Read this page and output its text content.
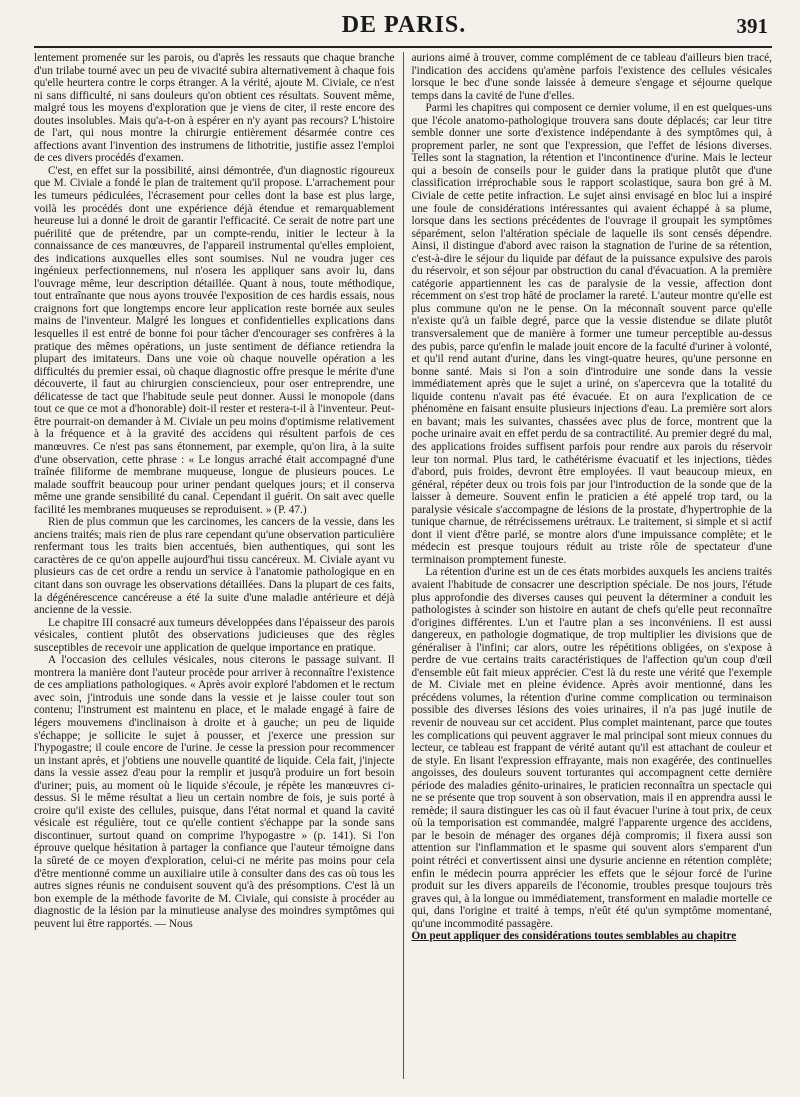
DE PARIS.	391

lentement promenée sur les parois, ou d'après les ressauts que chaque branche d'un trilabe tourné avec un peu de vivacité subira alternativement à chaque fois qu'elle heurtera contre le corps étranger. A la vérité, ajoute M. Civiale, ce n'est ni sans difficulté, ni sans douleurs qu'on obtient ces résultats. Souvent même, malgré tous les moyens d'exploration que je viens de citer, il reste encore des doutes insolubles. Mais qu'a-t-on à espérer en n'y ayant pas recours? L'histoire de l'art, qui nous montre la chirurgie entièrement désarmée contre ces affections avant l'invention des instrumens de lithotritie, justifie assez l'emploi de ces divers procédés d'examen.

C'est, en effet sur la possibilité, ainsi démontrée, d'un diagnostic rigoureux que M. Civiale a fondé le plan de traitement qu'il propose. L'arrachement pour les tumeurs pédiculées, l'écrasement pour celles dont la base est plus large, voilà les procédés dont une expérience déjà étendue et remarquablement heureuse lui a donné le droit de garantir l'efficacité. Ce serait de notre part une puérilité que de prétendre, par un compte-rendu, initier le lecteur à la connaissance de ces manœuvres, de l'appareil instrumental qu'elles emploient, des indications auxquelles elles sont soumises. Nul ne voudra juger ces ingénieux perfectionnemens, nul n'osera les appliquer sans avoir lu, dans l'ouvrage même, leur description détaillée. Quant à nous, toute méthodique, tout entraînante que nous ayons trouvée l'exposition de ces hardis essais, nous craignons fort que longtemps encore leur application reste bornée aux seules mains de l'inventeur. Malgré les longues et confidentielles explications dans lesquelles il est entré de bonne foi pour tâcher d'encourager ses confrères à la pratique des mêmes opérations, un juste sentiment de défiance retiendra la plupart des imitateurs. Dans une voie où chaque nouvelle opération a les difficultés du premier essai, où chaque diagnostic offre presque le mérite d'une découverte, il faut au chirurgien consciencieux, pour oser entreprendre, une délicatesse de tact que l'habitude seule peut donner. Aussi le monopole (dans tout ce que ce mot a d'honorable) doit-il rester et restera-t-il à l'inventeur. Peut-être pourrait-on demander à M. Civiale un peu moins d'optimisme relativement à la fréquence et à la gravité des accidens qui résultent parfois de ces manœuvres. Ce n'est pas sans étonnement, par exemple, qu'on lira, à la suite d'une observation, cette phrase : « Le longus arraché était accompagné d'une traînée filiforme de membrane muqueuse, longue de plusieurs pouces. Le malade souffrit beaucoup pour uriner pendant quelques jours; et il conserva même une grande sensibilité du canal. Cependant il guérit. On sait avec quelle facilité les membranes muqueuses se reproduisent. » (P. 47.)

Rien de plus commun que les carcinomes, les cancers de la vessie, dans les anciens traités; mais rien de plus rare cependant qu'une observation particulière renfermant tous les traits bien accentués, bien authentiques, qui sont les caractères de ce qu'on appelle aujourd'hui tissu cancéreux. M. Civiale ayant vu plusieurs cas de cet ordre a rendu un service à l'anatomie pathologique en en citant dans son ouvrage les observations détaillées. Dans la plupart de ces faits, la dégénérescence cancéreuse a été la suite d'une maladie antérieure et déjà ancienne de la vessie.

Le chapitre III consacré aux tumeurs développées dans l'épaisseur des parois vésicales, contient plutôt des observations judicieuses que des règles susceptibles de recevoir une application de quelque importance en pratique.

A l'occasion des cellules vésicales, nous citerons le passage suivant. Il montrera la manière dont l'auteur procède pour arriver à reconnaître l'existence de ces ampliations pathologiques. « Après avoir exploré l'abdomen et le rectum avec soin, j'introduis une sonde dans la vessie et je laisse couler tout son contenu; l'instrument est maintenu en place, et le malade engagé à faire de légers mouvemens d'inclinaison à droite et à gauche; un peu de liquide s'échappe; je sollicite le sujet à pousser, et j'exerce une pression sur l'hypogastre; il coule encore de l'urine. Je cesse la pression pour recommencer un instant après, et j'obtiens une nouvelle quantité de liquide. Cela fait, j'injecte dans la vessie assez d'eau pour la remplir et jusqu'à produire un fort besoin d'uriner; puis, au moment où le liquide s'écoule, je répète les manœuvres ci-dessus. Si le même résultat a lieu un certain nombre de fois, je suis porté à croire qu'il existe des cellules, puisque, dans l'état normal et quand la cavité vésicale est régulière, tout ce qu'elle contient s'échappe par la sonde sans discontinuer, surtout quand on comprime l'hypogastre » (p. 141). Si l'on éprouve quelque hésitation à partager la confiance que l'auteur témoigne dans la sûreté de ce moyen d'exploration, celui-ci ne mérite pas moins pour cela d'être mentionné comme un auxiliaire utile à consulter dans des cas où tous les autres signes réunis ne conduisent souvent qu'à des présomptions. C'est là un bon exemple de la méthode favorite de M. Civiale, qui consiste à procéder au diagnostic de la lésion par la minutieuse analyse des moindres symptômes qui peuvent lui être rapportés. — Nous

aurions aimé à trouver, comme complément de ce tableau d'ailleurs bien tracé, l'indication des accidens qu'amène parfois l'existence des cellules vésicales lorsque le bec d'une sonde laissée à demeure s'engage et séjourne quelque temps dans la cavité de l'une d'elles.

Parmi les chapitres qui composent ce dernier volume, il en est quelques-uns que l'école anatomo-pathologique trouvera sans doute déplacés; car leur titre semble donner une sorte d'existence indépendante à des symptômes qui, à proprement parler, ne sont que l'expression, que l'effet de lésions diverses. Telles sont la stagnation, la rétention et l'incontinence d'urine. Mais le lecteur qui a besoin de conseils pour le guider dans la pratique plutôt que d'une classification irréprochable sous le rapport scolastique, saura bon gré à M. Civiale de cette petite infraction. Le sujet ainsi envisagé en bloc lui a inspiré une foule de considérations intéressantes qui avaient échappé à sa plume, lorsque dans les sections précédentes de l'ouvrage il groupait les symptômes séparément, selon l'altération spéciale de laquelle ils sont censés dépendre. Ainsi, il distingue d'abord avec raison la stagnation de l'urine de sa rétention, c'est-à-dire le séjour du liquide par défaut de la puissance expulsive des parois du réservoir, et son séjour par obstruction du canal d'évacuation. A la première catégorie appartiennent les cas de paralysie de la vessie, affection dont récemment on s'est trop hâté de proclamer la rareté. L'auteur montre qu'elle est plus commune qu'on ne le pense. On la méconnaît souvent parce qu'elle n'existe qu'à un faible degré, parce que la vessie distendue se dilate plutôt transversalement que de manière à former une tumeur perceptible au-dessus des pubis, parce qu'enfin le malade jouit encore de la faculté d'uriner à volonté, et qu'il rend autant d'urine, dans les vingt-quatre heures, qu'une personne en bonne santé. Mais si l'on a soin d'introduire une sonde dans la vessie immédiatement après que le sujet a uriné, on s'apercevra que la totalité du liquide contenu n'avait pas été évacuée. Et on aura l'explication de ce phénomène en faisant ensuite plusieurs injections d'eau. La première sort alors en bavant; mais les suivantes, chassées avec plus de force, montrent que la poche urinaire avait en effet perdu de sa contractilité. Au premier degré du mal, des applications froides suffisent parfois pour rendre aux parois du réservoir leur ton normal. Plus tard, le cathétérisme évacuatif et les injections, tièdes d'abord, puis froides, devront être employées. Il vaut beaucoup mieux, en général, répéter deux ou trois fois par jour l'introduction de la sonde que de la laisser à demeure. Souvent enfin le praticien a été appelé trop tard, ou la paralysie vésicale s'accompagne de lésions de la prostate, d'hypertrophie de la tunique charnue, de rétrécissemens urétraux. Le traitement, si simple et si actif dont il vient d'être parlé, se montre alors d'une impuissance complète; et le médecin est presque toujours réduit au triste rôle de spectateur d'une terminaison promptement funeste.

La rétention d'urine est un de ces états morbides auxquels les anciens traités avaient l'habitude de consacrer une description spéciale. De nos jours, l'étude plus approfondie des diverses causes qui peuvent la déterminer a conduit les pathologistes à scinder son histoire en autant de chefs qu'elle peut reconnaître d'origines différentes. L'un et l'autre plan a ses inconvéniens. Il est aussi dangereux, en pathologie dogmatique, de trop multiplier les divisions que de généraliser à l'infini; car alors, outre les répétitions obligées, on s'expose à perdre de vue certains traits caractéristiques de l'affection qu'un coup d'œil d'ensemble eût fait mieux apprécier. C'est là du reste une vérité que l'exemple de M. Civiale met en pleine évidence. Après avoir mentionné, dans les précédens volumes, la rétention d'urine comme complication ou terminaison possible des diverses lésions des voies urinaires, il n'a pas jugé inutile de revenir de nouveau sur cet accident. Plus complet maintenant, parce que toutes les complications qui peuvent aggraver le mal principal sont mieux connues du lecteur, ce tableau est frappant de vérité autant qu'il est attachant de couleur et de style. En lisant l'expression effrayante, mais non exagérée, des continuelles angoisses, des douleurs souvent torturantes qui accompagnent cette dernière période des maladies génito-urinaires, le praticien reconnaîtra un spectacle qui ne se présente que trop souvent à son observation, mais il en apprendra aussi le remède; il saura distinguer les cas où il faut évacuer l'urine à tout prix, de ceux où la temporisation est commandée, malgré l'apparente urgence des accidens, par le besoin de ménager des organes déjà compromis; il fixera aussi son attention sur l'inflammation et le spasme qui souvent alors s'emparent d'un point rétréci et convertissent ainsi une dysurie ancienne en rétention complète; enfin le médecin pourra apprécier les effets que le séjour forcé de l'urine produit sur les divers appareils de l'économie, troubles presque toujours très graves qui, à la longue ou immédiatement, transforment en maladie mortelle ce qui, dans l'origine et traité à temps, n'eût été qu'un symptôme momentané, qu'une incommodité passagère.

On peut appliquer des considérations toutes semblables au chapitre
